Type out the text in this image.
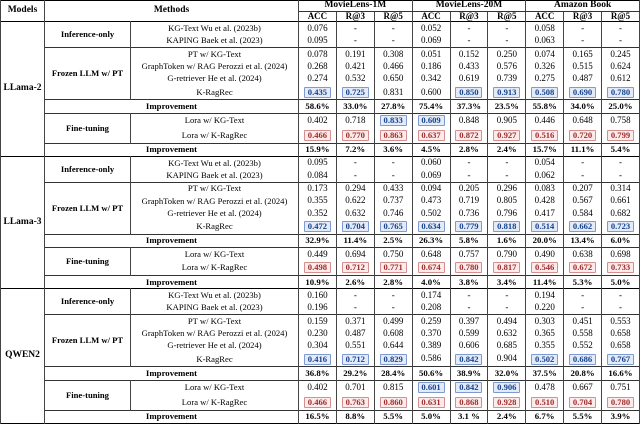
Models	Methods		MovieLens-1M			MovieLens-20M			Amazon Book		
			ACC	R@3	R@5	ACC	R@3	R@5	ACC	R@3	R@5
LLama-2	Inference-only	KG-Text Wu et al. (2023b)	0.076	-	-	0.052	-	-	0.058	-	-
		KAPING Baek et al. (2023)	0.095	-	-	0.069	-	-	0.063	-	-
	Frozen LLM w/ PT	PT w/ KG-Text	0.078	0.191	0.308	0.051	0.152	0.250	0.074	0.165	0.245
		GraphToken w/ RAG Perozzi et al. (2024)	0.268	0.421	0.466	0.186	0.433	0.576	0.326	0.515	0.624
		G-retriever He et al. (2024)	0.274	0.532	0.650	0.342	0.619	0.739	0.275	0.487	0.612
		K-RagRec	0.435	0.725	0.831	0.600	0.850	0.913	0.508	0.690	0.780
	Improvement		58.6%	33.0%	27.8%	75.4%	37.3%	23.5%	55.8%	34.0%	25.0%
	Fine-tuning	Lora w/ KG-Text	0.402	0.718	0.833	0.609	0.848	0.905	0.446	0.648	0.758
		Lora w/ K-RagRec	0.466	0.770	0.863	0.637	0.872	0.927	0.516	0.720	0.799
	Improvement		15.9%	7.2%	3.6%	4.5%	2.8%	2.4%	15.7%	11.1%	5.4%
LLama-3	Inference-only	KG-Text Wu et al. (2023b)	0.095	-	-	0.060	-	-	0.054	-	-
		KAPING Baek et al. (2023)	0.084	-	-	0.069	-	-	0.062	-	-
	Frozen LLM w/ PT	PT w/ KG-Text	0.173	0.294	0.433	0.094	0.205	0.296	0.083	0.207	0.314
		GraphToken w/ RAG Perozzi et al. (2024)	0.355	0.622	0.737	0.473	0.719	0.805	0.428	0.567	0.661
		G-retriever He et al. (2024)	0.352	0.632	0.746	0.502	0.736	0.796	0.417	0.584	0.682
		K-RagRec	0.472	0.704	0.765	0.634	0.779	0.818	0.514	0.662	0.723
	Improvement		32.9%	11.4%	2.5%	26.3%	5.8%	1.6%	20.0%	13.4%	6.0%
	Fine-tuning	Lora w/ KG-Text	0.449	0.694	0.750	0.648	0.757	0.790	0.490	0.638	0.698
		Lora w/ K-RagRec	0.498	0.712	0.771	0.674	0.780	0.817	0.546	0.672	0.733
	Improvement		10.9%	2.6%	2.8%	4.0%	3.8%	3.4%	11.4%	5.3%	5.0%
QWEN2	Inference-only	KG-Text Wu et al. (2023b)	0.160	-	-	0.174	-	-	0.194	-	-
		KAPING Baek et al. (2023)	0.196	-	-	0.208	-	-	0.220	-	-
	Frozen LLM w/ PT	PT w/ KG-Text	0.159	0.371	0.499	0.259	0.397	0.494	0.303	0.451	0.553
		GraphToken w/ RAG Perozzi et al. (2024)	0.230	0.487	0.608	0.370	0.599	0.632	0.365	0.558	0.658
		G-retriever He et al. (2024)	0.304	0.551	0.644	0.389	0.606	0.685	0.355	0.552	0.658
		K-RagRec	0.416	0.712	0.829	0.586	0.842	0.904	0.502	0.686	0.767
	Improvement		36.8%	29.2%	28.4%	50.6%	38.9%	32.0%	37.5%	20.8%	16.6%
	Fine-tuning	Lora w/ KG-Text	0.402	0.701	0.815	0.601	0.842	0.906	0.478	0.667	0.751
		Lora w/ K-RagRec	0.466	0.763	0.860	0.631	0.868	0.928	0.510	0.704	0.780
	Improvement		16.5%	8.8%	5.5%	5.0%	3.1 %	2.4%	6.7%	5.5%	3.9%
